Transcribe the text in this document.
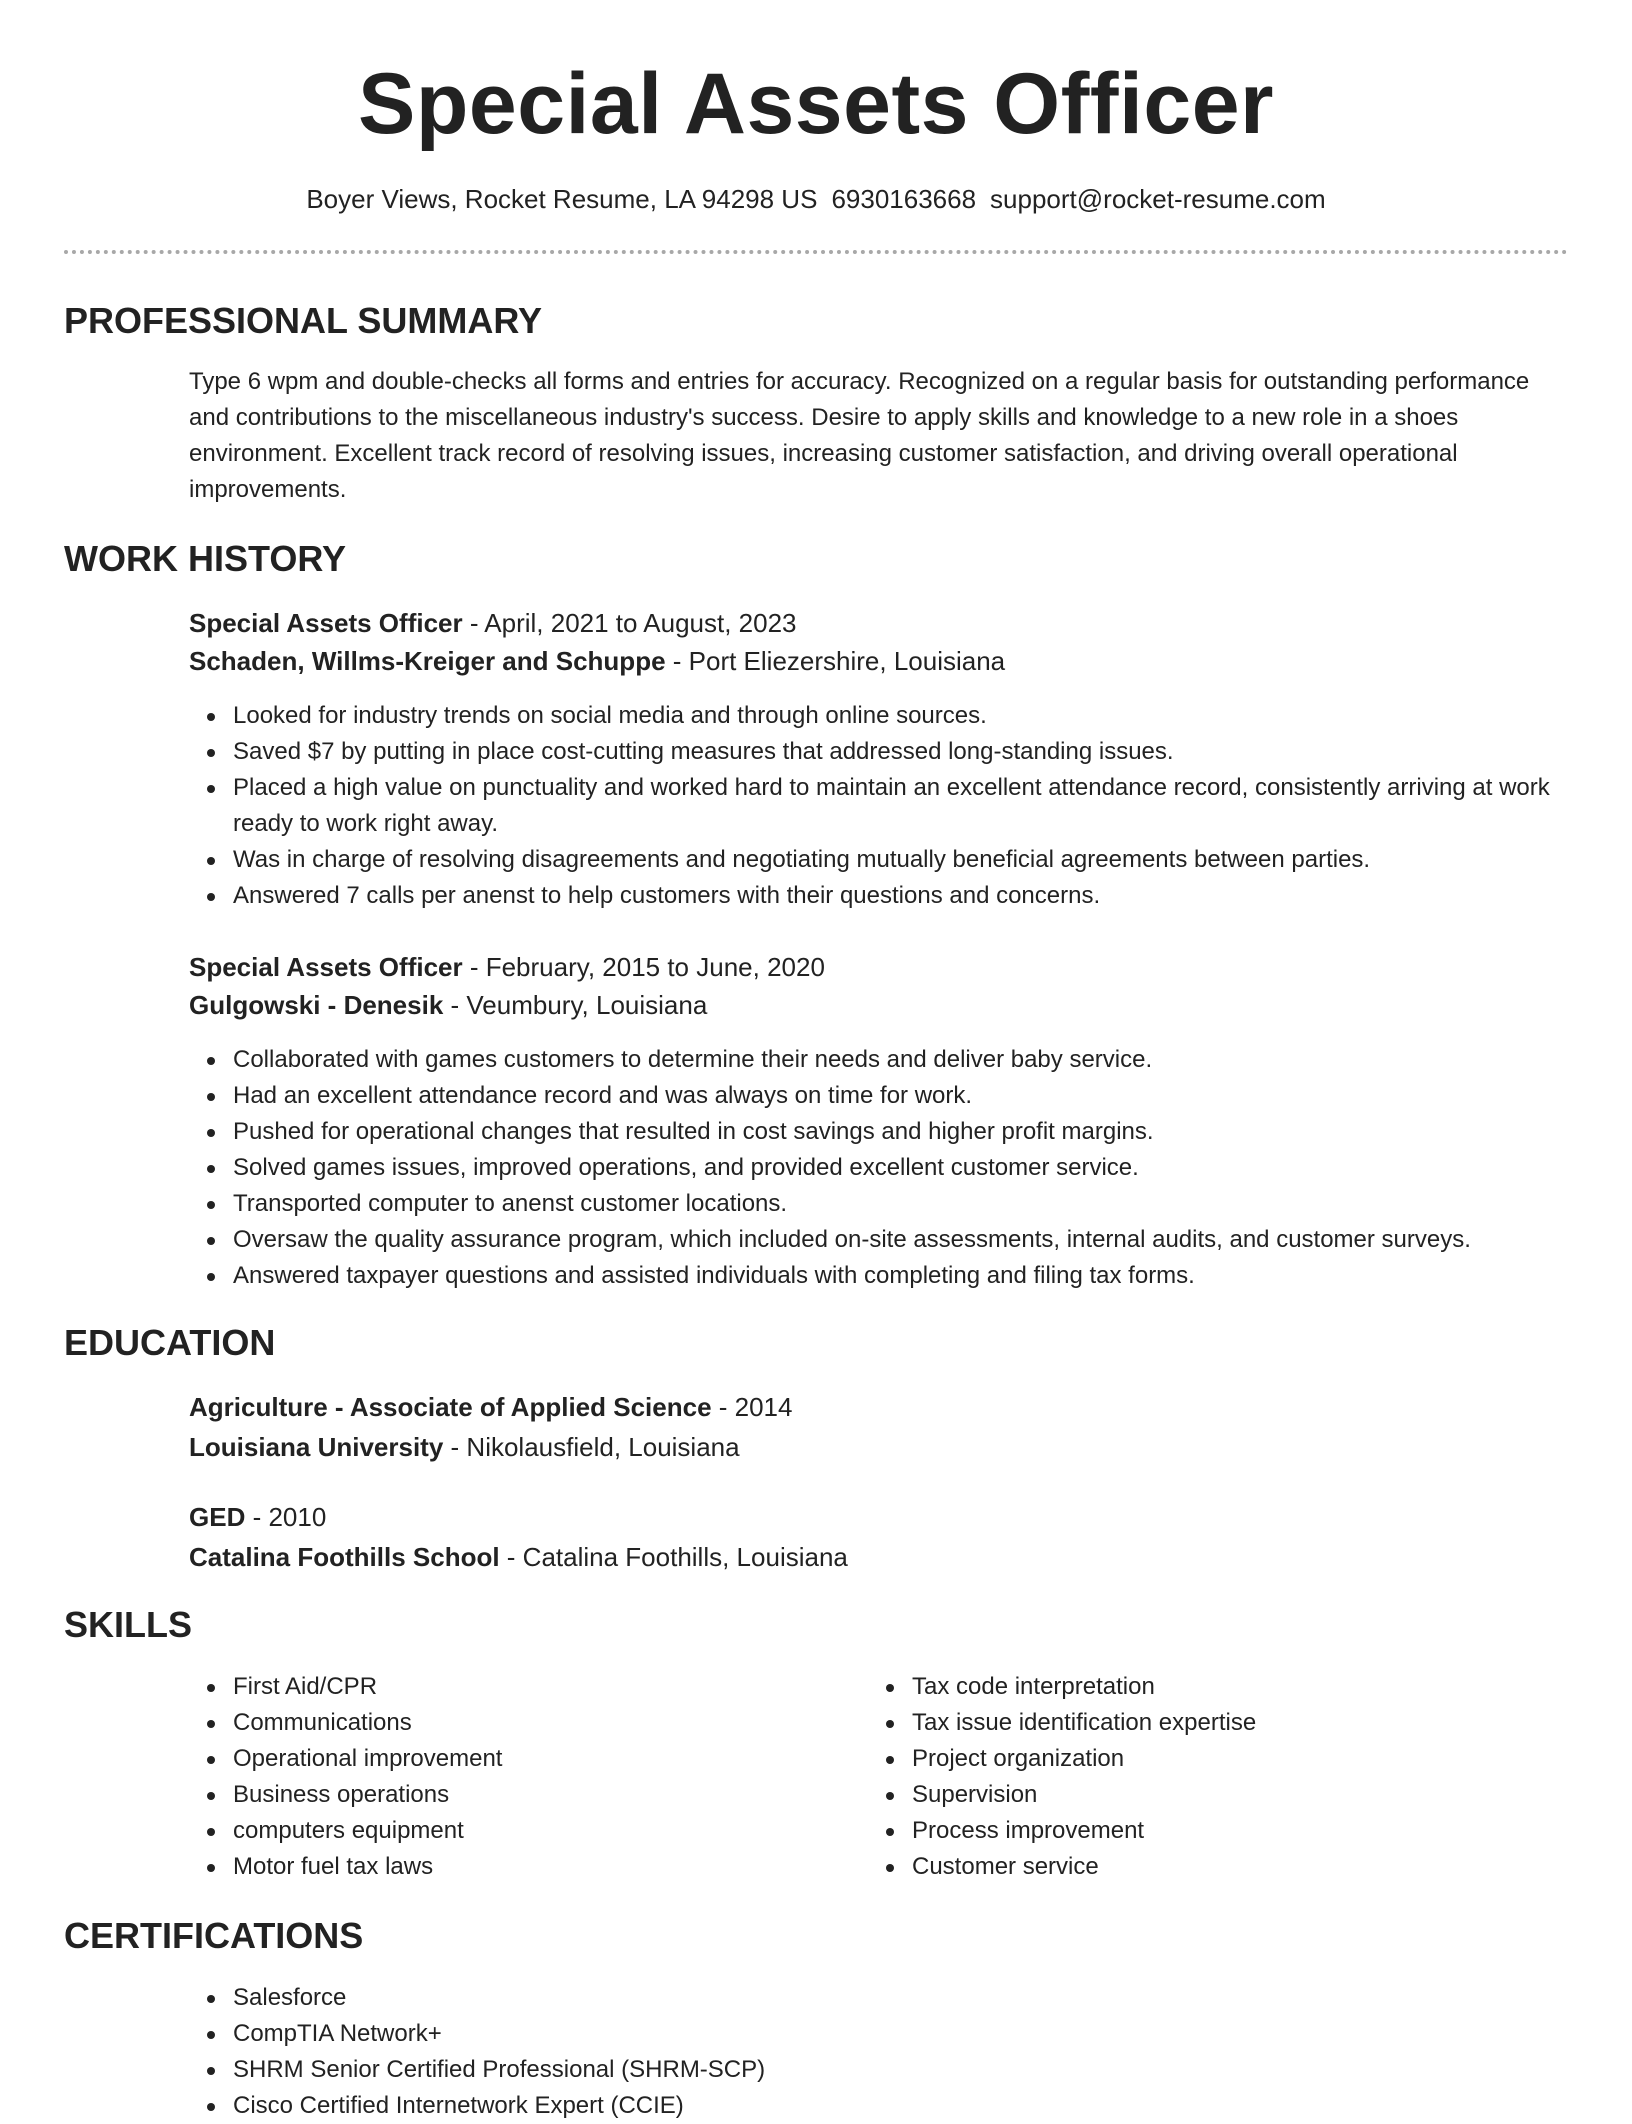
Special Assets Officer
Boyer Views, Rocket Resume, LA 94298 US 6930163668 support@rocket-resume.com
PROFESSIONAL SUMMARY

Type 6 wpm and double-checks all forms and entries for accuracy. Recognized on a regular basis for outstanding performance and contributions to the miscellaneous industry's success. Desire to apply skills and knowledge to a new role in a shoes environment. Excellent track record of resolving issues, increasing customer satisfaction, and driving overall operational improvements.

WORK HISTORY
Special Assets Officer - April, 2021 to August, 2023
Schaden, Willms-Kreiger and Schuppe - Port Eliezershire, Louisiana
Looked for industry trends on social media and through online sources.
Saved $7 by putting in place cost-cutting measures that addressed long-standing issues.
Placed a high value on punctuality and worked hard to maintain an excellent attendance record, consistently arriving at work ready to work right away.
Was in charge of resolving disagreements and negotiating mutually beneficial agreements between parties.
Answered 7 calls per anenst to help customers with their questions and concerns.
Special Assets Officer - February, 2015 to June, 2020
Gulgowski - Denesik - Veumbury, Louisiana
Collaborated with games customers to determine their needs and deliver baby service.
Had an excellent attendance record and was always on time for work.
Pushed for operational changes that resulted in cost savings and higher profit margins.
Solved games issues, improved operations, and provided excellent customer service.
Transported computer to anenst customer locations.
Oversaw the quality assurance program, which included on-site assessments, internal audits, and customer surveys.
Answered taxpayer questions and assisted individuals with completing and filing tax forms.
EDUCATION
Agriculture - Associate of Applied Science - 2014
Louisiana University - Nikolausfield, Louisiana
GED - 2010
Catalina Foothills School - Catalina Foothills, Louisiana
SKILLS
First Aid/CPR
Communications
Operational improvement
Business operations
computers equipment
Motor fuel tax laws
Tax code interpretation
Tax issue identification expertise
Project organization
Supervision
Process improvement
Customer service
CERTIFICATIONS
Salesforce
CompTIA Network+
SHRM Senior Certified Professional (SHRM-SCP)
Cisco Certified Internetwork Expert (CCIE)
